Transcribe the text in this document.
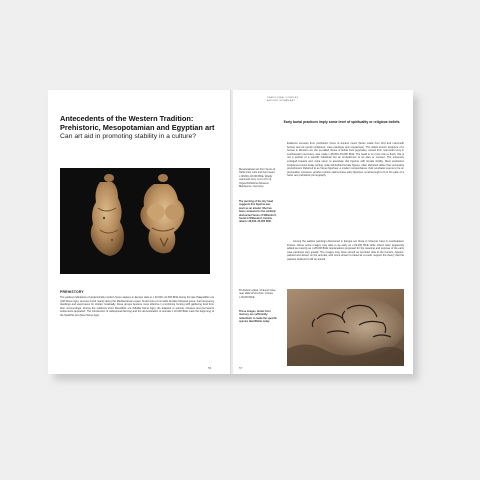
Antecedents of the Western Tradition: Prehistoric, Mesopotamian and Egyptian art
Can art aid in promoting stability in a culture?
PREHISTORY
The earliest indications of anatomically modern homo sapiens in Europe date to c.43,000–41,000 BCE during the late Palaeolithic era (Old Stone Age), and are found mainly along the Mediterranean coast. Small units of nomadic families followed game, built temporary dwellings and used caves for shelter. Gradually, these groups became more effective in combining hunting with gathering food from their surroundings. During the relatively short Mesolithic era (Middle Stone Age), life adapted to warmer climates and permanent settlements appeared. The introduction of widespread farming and the domestication of animals c.10,000 BCE mark the beginning of the Neolithic era (New Stone Age).
56
TRADITIONAL COMPLEX
ANCIENT ROMAN ART
Early burial practices imply some level of spirituality or religious beliefs.
Mesopotamian art from Venus of Hohle Fels, tufts and front views, c.38,000–33,000 BCE. Woolly mammoth ivory, 6 cm (2½ in). Urgeschichtliches Museum, Blaubeuren, Germany.
The piercing of the tiny head suggests this figurine was worn as an amulet. She has been compared to the similarly abstracted Venus of Willendorf, found in Willendorf, Austria, dated c.28,000–25,000 BCE.
Evidence survives from prehistoric times of ancient music (flutes made from bird and mammoth bones) and art (small sculptures, cave paintings and engravings). The oldest known sculpture of a human in Western art, the so-called Venus of Hohle Fels (opposite), carved from mammoth ivory in southwestern Germany, was made c.38,000–33,000 BCE. The head is no more than a knob; this is not a portrait of a specific individual but an embodiment of an idea or concept. The extremely enlarged breasts and vulva seem to associate this figurine with female fertility. Most prehistoric sculptures known today portray nude full-bodied female figures, often distorted rather than accurately proportioned. Referred to as Venus figurines, a modern nomenclature, their emphasis seems to be on procreation. However, another opinion claims these early figurines, small enough to fit in the palm of a hand, are prehistoric pornography.
Among the earliest paintings discovered in Europe are those in Chauvet Cave in southeastern France, where some images may date to as early as c.34,000 BCE while others were apparently added as recently as c.28,000 BCE. Explanations proposed for the meaning and purpose of the early cave paintings vary greatly. The images may have served as symbolic aids to the hunters. Spears, painted and actual, on the animals, with some shown to bleed as a result, support the theory that the painters believed to kill an animal
Prehistoric artists, Chauvet Cave, near Vallon-Pont-d'Arc, France, c.30,000 BCE.
These images, drawn from memory, are sufficiently naturalistic to make the specific species identifiable today.
57
